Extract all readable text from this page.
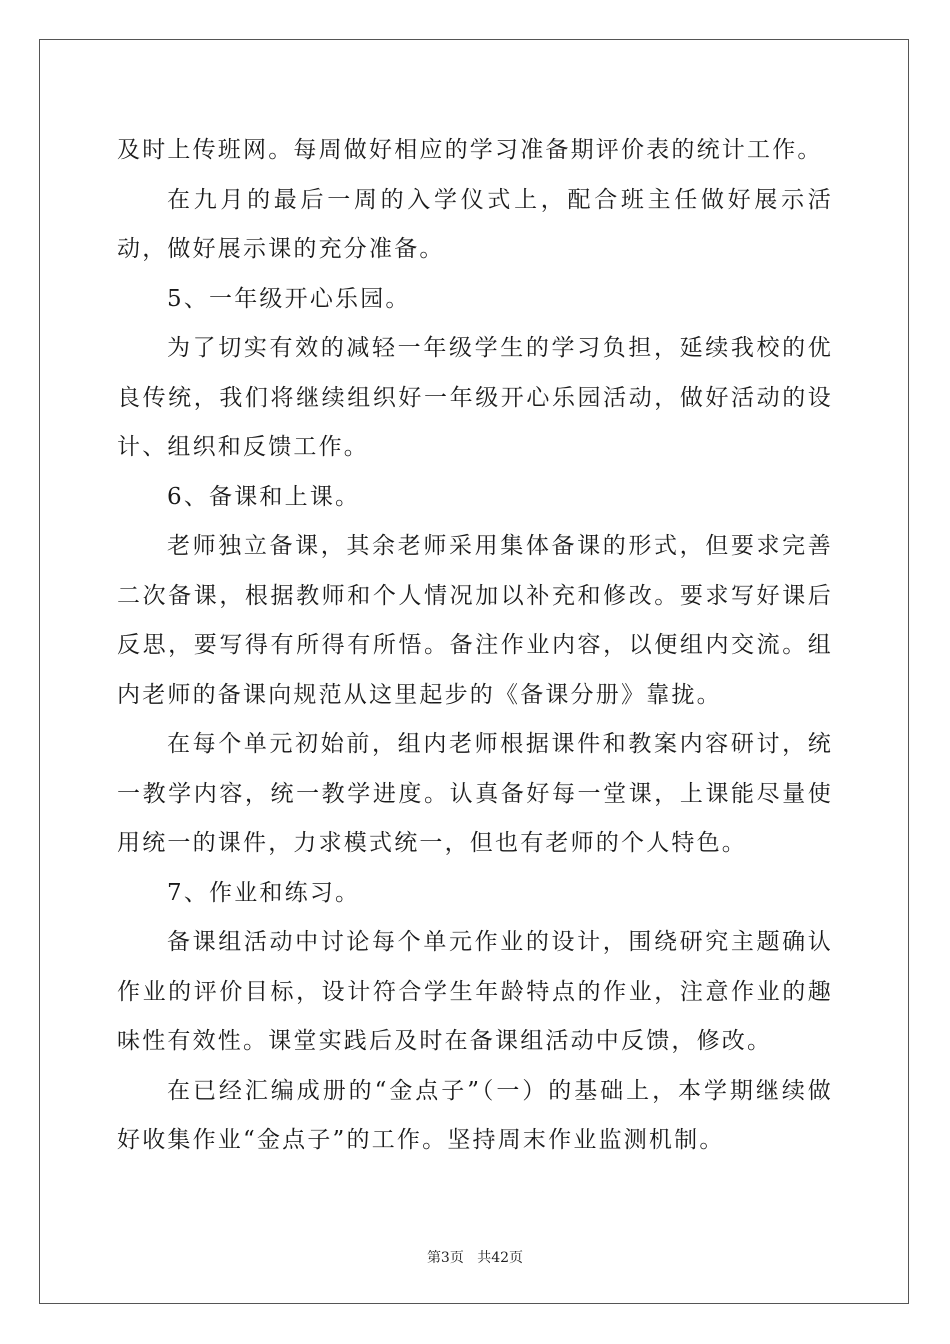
及时上传班网。每周做好相应的学习准备期评价表的统计工作。

在九月的最后一周的入学仪式上，配合班主任做好展示活动，做好展示课的充分准备。

5、一年级开心乐园。

为了切实有效的减轻一年级学生的学习负担，延续我校的优良传统，我们将继续组织好一年级开心乐园活动，做好活动的设计、组织和反馈工作。

6、备课和上课。

老师独立备课，其余老师采用集体备课的形式，但要求完善二次备课，根据教师和个人情况加以补充和修改。要求写好课后反思，要写得有所得有所悟。备注作业内容，以便组内交流。组内老师的备课向规范从这里起步的《备课分册》靠拢。

在每个单元初始前，组内老师根据课件和教案内容研讨，统一教学内容，统一教学进度。认真备好每一堂课，上课能尽量使用统一的课件，力求模式统一，但也有老师的个人特色。

7、作业和练习。

备课组活动中讨论每个单元作业的设计，围绕研究主题确认作业的评价目标，设计符合学生年龄特点的作业，注意作业的趣味性有效性。课堂实践后及时在备课组活动中反馈，修改。

在已经汇编成册的“金点子”（一）的基础上，本学期继续做好收集作业“金点子”的工作。坚持周末作业监测机制。

第3页 共42页
